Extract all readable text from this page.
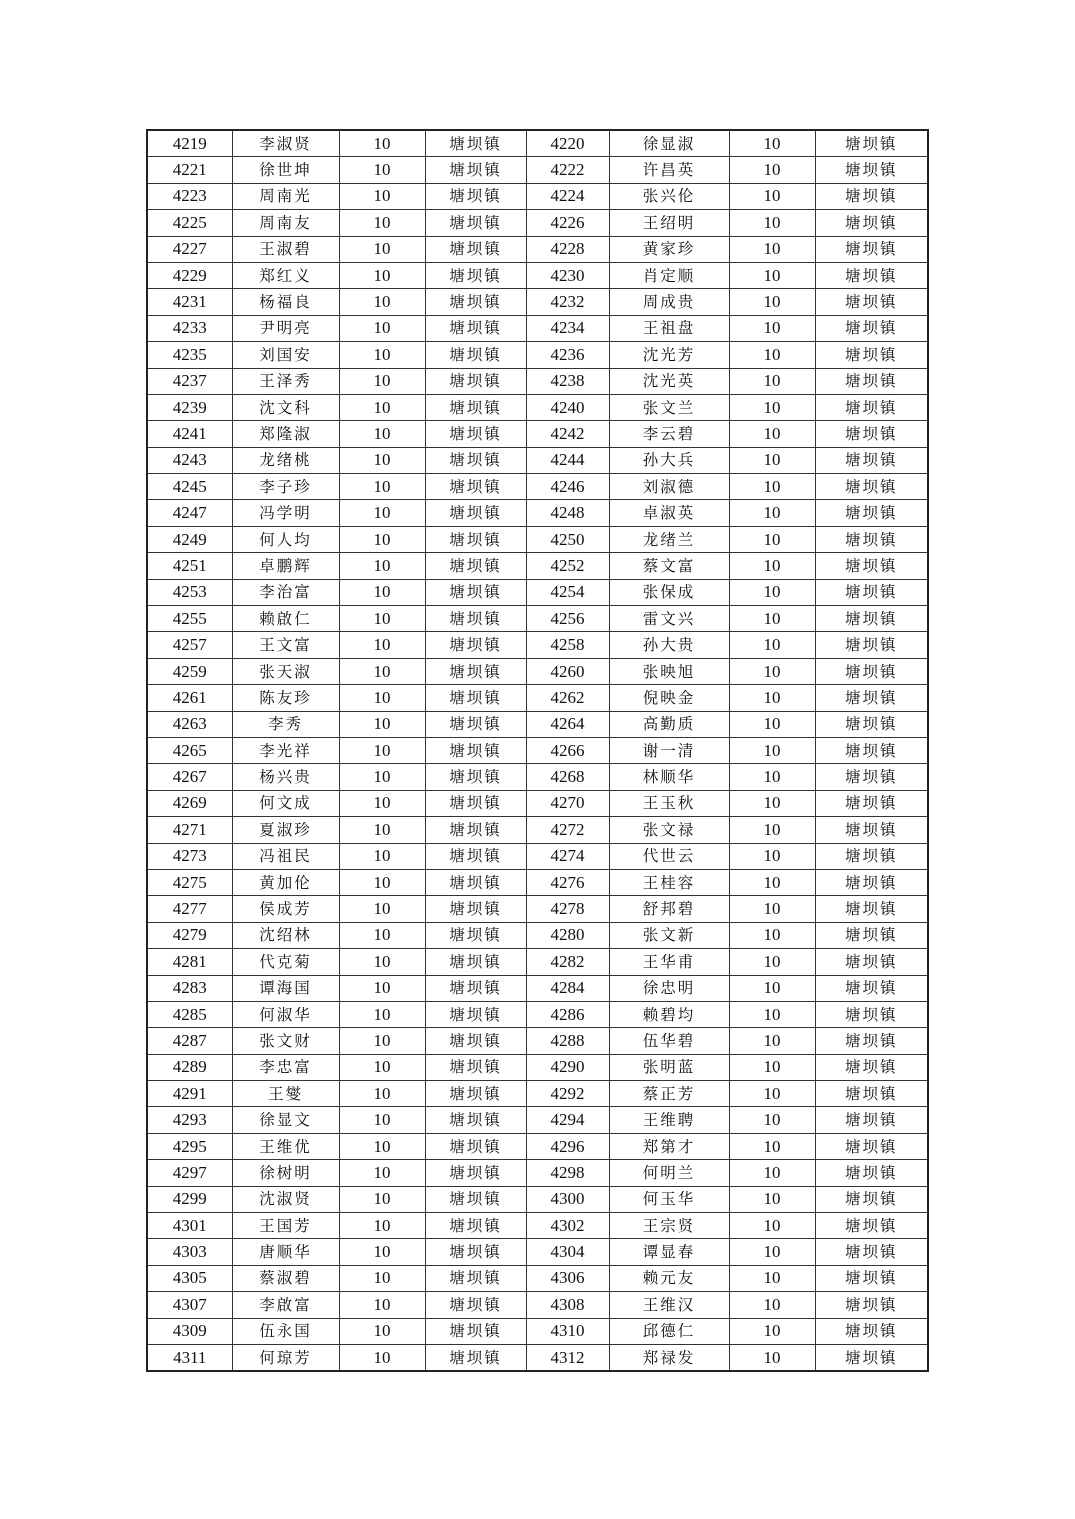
4219	李淑贤	10	塘坝镇	4220	徐显淑	10	塘坝镇
4221	徐世坤	10	塘坝镇	4222	许昌英	10	塘坝镇
4223	周南光	10	塘坝镇	4224	张兴伦	10	塘坝镇
4225	周南友	10	塘坝镇	4226	王绍明	10	塘坝镇
4227	王淑碧	10	塘坝镇	4228	黄家珍	10	塘坝镇
4229	郑红义	10	塘坝镇	4230	肖定顺	10	塘坝镇
4231	杨福良	10	塘坝镇	4232	周成贵	10	塘坝镇
4233	尹明亮	10	塘坝镇	4234	王祖盘	10	塘坝镇
4235	刘国安	10	塘坝镇	4236	沈光芳	10	塘坝镇
4237	王泽秀	10	塘坝镇	4238	沈光英	10	塘坝镇
4239	沈文科	10	塘坝镇	4240	张文兰	10	塘坝镇
4241	郑隆淑	10	塘坝镇	4242	李云碧	10	塘坝镇
4243	龙绪桃	10	塘坝镇	4244	孙大兵	10	塘坝镇
4245	李子珍	10	塘坝镇	4246	刘淑德	10	塘坝镇
4247	冯学明	10	塘坝镇	4248	卓淑英	10	塘坝镇
4249	何人均	10	塘坝镇	4250	龙绪兰	10	塘坝镇
4251	卓鹏辉	10	塘坝镇	4252	蔡文富	10	塘坝镇
4253	李治富	10	塘坝镇	4254	张保成	10	塘坝镇
4255	赖啟仁	10	塘坝镇	4256	雷文兴	10	塘坝镇
4257	王文富	10	塘坝镇	4258	孙大贵	10	塘坝镇
4259	张天淑	10	塘坝镇	4260	张映旭	10	塘坝镇
4261	陈友珍	10	塘坝镇	4262	倪映金	10	塘坝镇
4263	李秀	10	塘坝镇	4264	高勤质	10	塘坝镇
4265	李光祥	10	塘坝镇	4266	谢一清	10	塘坝镇
4267	杨兴贵	10	塘坝镇	4268	林顺华	10	塘坝镇
4269	何文成	10	塘坝镇	4270	王玉秋	10	塘坝镇
4271	夏淑珍	10	塘坝镇	4272	张文禄	10	塘坝镇
4273	冯祖民	10	塘坝镇	4274	代世云	10	塘坝镇
4275	黄加伦	10	塘坝镇	4276	王桂容	10	塘坝镇
4277	侯成芳	10	塘坝镇	4278	舒邦碧	10	塘坝镇
4279	沈绍林	10	塘坝镇	4280	张文新	10	塘坝镇
4281	代克菊	10	塘坝镇	4282	王华甫	10	塘坝镇
4283	谭海国	10	塘坝镇	4284	徐忠明	10	塘坝镇
4285	何淑华	10	塘坝镇	4286	赖碧均	10	塘坝镇
4287	张文财	10	塘坝镇	4288	伍华碧	10	塘坝镇
4289	李忠富	10	塘坝镇	4290	张明蓝	10	塘坝镇
4291	王燮	10	塘坝镇	4292	蔡正芳	10	塘坝镇
4293	徐显文	10	塘坝镇	4294	王维聘	10	塘坝镇
4295	王维优	10	塘坝镇	4296	郑第才	10	塘坝镇
4297	徐树明	10	塘坝镇	4298	何明兰	10	塘坝镇
4299	沈淑贤	10	塘坝镇	4300	何玉华	10	塘坝镇
4301	王国芳	10	塘坝镇	4302	王宗贤	10	塘坝镇
4303	唐顺华	10	塘坝镇	4304	谭显春	10	塘坝镇
4305	蔡淑碧	10	塘坝镇	4306	赖元友	10	塘坝镇
4307	李啟富	10	塘坝镇	4308	王维汉	10	塘坝镇
4309	伍永国	10	塘坝镇	4310	邱德仁	10	塘坝镇
4311	何琼芳	10	塘坝镇	4312	郑禄发	10	塘坝镇
